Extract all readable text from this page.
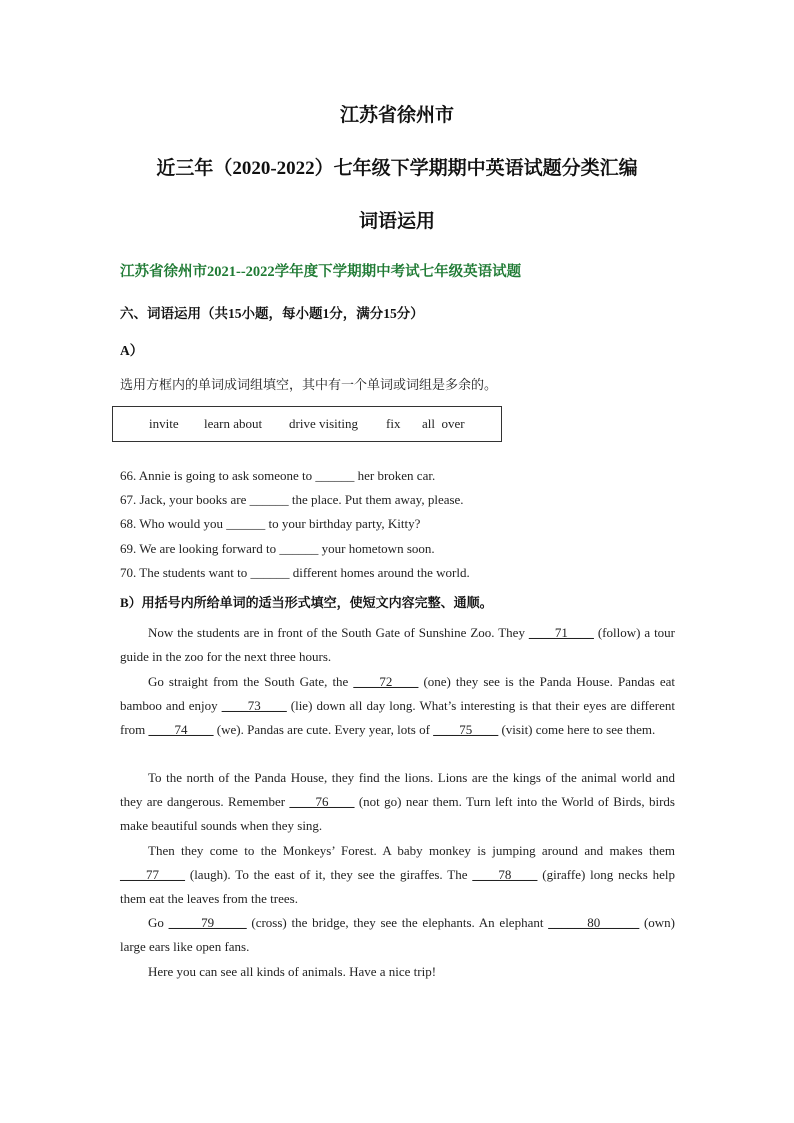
江苏省徐州市
近三年（2020-2022）七年级下学期期中英语试题分类汇编
词语运用
江苏省徐州市2021--2022学年度下学期期中考试七年级英语试题
六、词语运用（共15小题，每小题1分，满分15分）
A）
选用方框内的单词成词组填空，其中有一个单词或词组是多余的。
invite learn about drive visiting fix all  over
66. Annie is going to ask someone to ______ her broken car.
67. Jack, your books are ______ the place. Put them away, please.
68. Who would you ______ to your birthday party, Kitty?
69. We are looking forward to ______ your hometown soon.
70. The students want to ______ different homes around the world.
B）用括号内所给单词的适当形式填空，使短文内容完整、通顺。
Now the students are in front of the South Gate of Sunshine Zoo. They ____71____ (follow) a tour guide in the zoo for the next three hours.
Go straight from the South Gate, the ____72____ (one) they see is the Panda House. Pandas eat bamboo and enjoy ____73____ (lie) down all day long. What’s interesting is that their eyes are different from ____74____ (we). Pandas are cute. Every year, lots of ____75____ (visit) come here to see them.
To the north of the Panda House, they find the lions. Lions are the kings of the animal world and they are dangerous. Remember ____76____ (not go) near them. Turn left into the World of Birds, birds make beautiful sounds when they sing.
Then they come to the Monkeys’ Forest. A baby monkey is jumping around and makes them ____77____ (laugh). To the east of it, they see the giraffes. The ____78____ (giraffe) long necks help them eat the leaves from the trees.
Go _____79_____ (cross) the bridge, they see the elephants. An elephant ______80______ (own) large ears like open fans.
Here you can see all kinds of animals. Have a nice trip!
